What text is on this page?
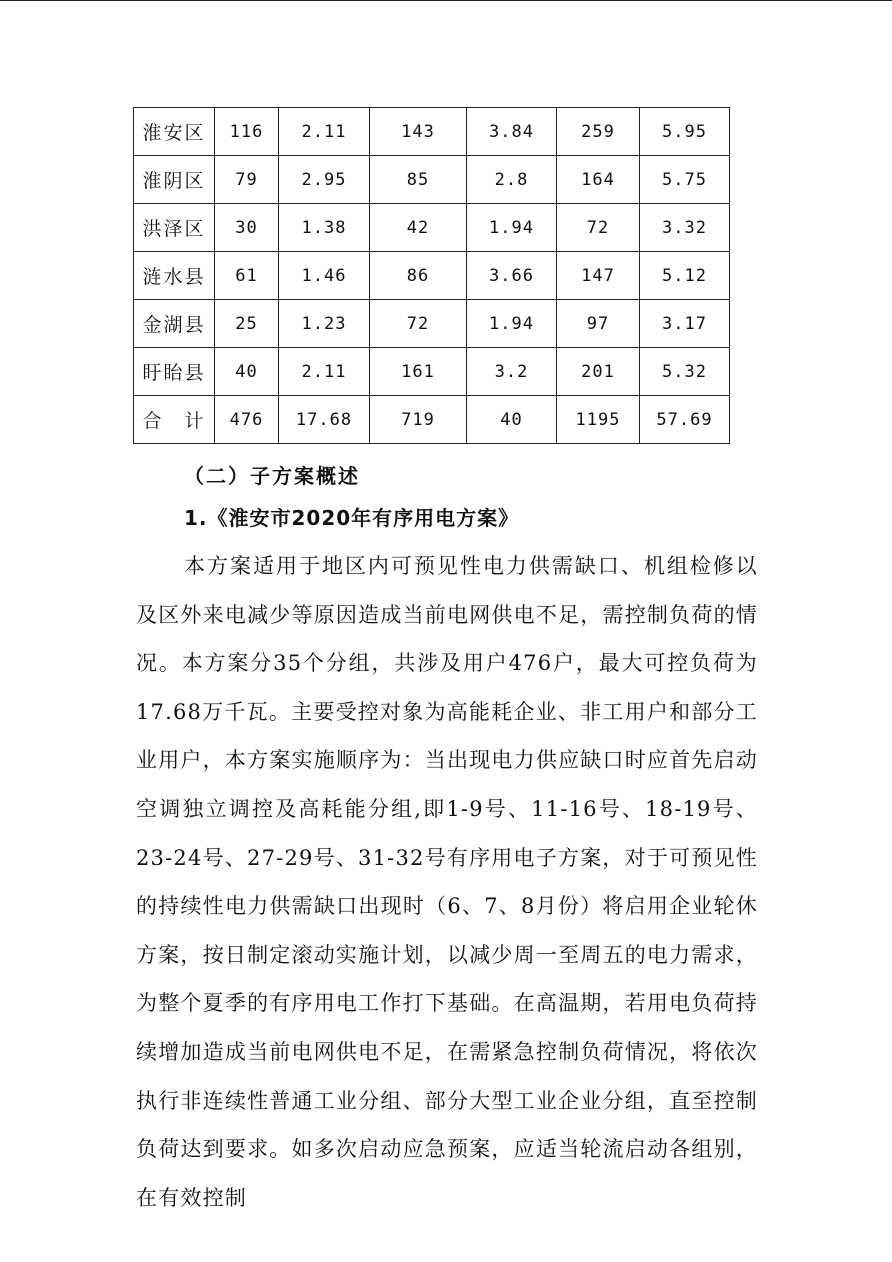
淮安区	116	2.11	143	3.84	259	5.95
淮阴区	79	2.95	85	2.8	164	5.75
洪泽区	30	1.38	42	1.94	72	3.32
涟水县	61	1.46	86	3.66	147	5.12
金湖县	25	1.23	72	1.94	97	3.17
盱眙县	40	2.11	161	3.2	201	5.32
合　计	476	17.68	719	40	1195	57.69

（二）子方案概述

1.《淮安市2020年有序用电方案》

本方案适用于地区内可预见性电力供需缺口、机组检修以及区外来电减少等原因造成当前电网供电不足，需控制负荷的情况。本方案分35个分组，共涉及用户476户，最大可控负荷为17.68万千瓦。主要受控对象为高能耗企业、非工用户和部分工业用户，本方案实施顺序为：当出现电力供应缺口时应首先启动空调独立调控及高耗能分组,即1-9号、11-16号、18-19号、23-24号、27-29号、31-32号有序用电子方案，对于可预见性的持续性电力供需缺口出现时（6、7、8月份）将启用企业轮休方案，按日制定滚动实施计划，以减少周一至周五的电力需求，为整个夏季的有序用电工作打下基础。在高温期，若用电负荷持续增加造成当前电网供电不足，在需紧急控制负荷情况，将依次执行非连续性普通工业分组、部分大型工业企业分组，直至控制负荷达到要求。如多次启动应急预案，应适当轮流启动各组别，在有效控制
